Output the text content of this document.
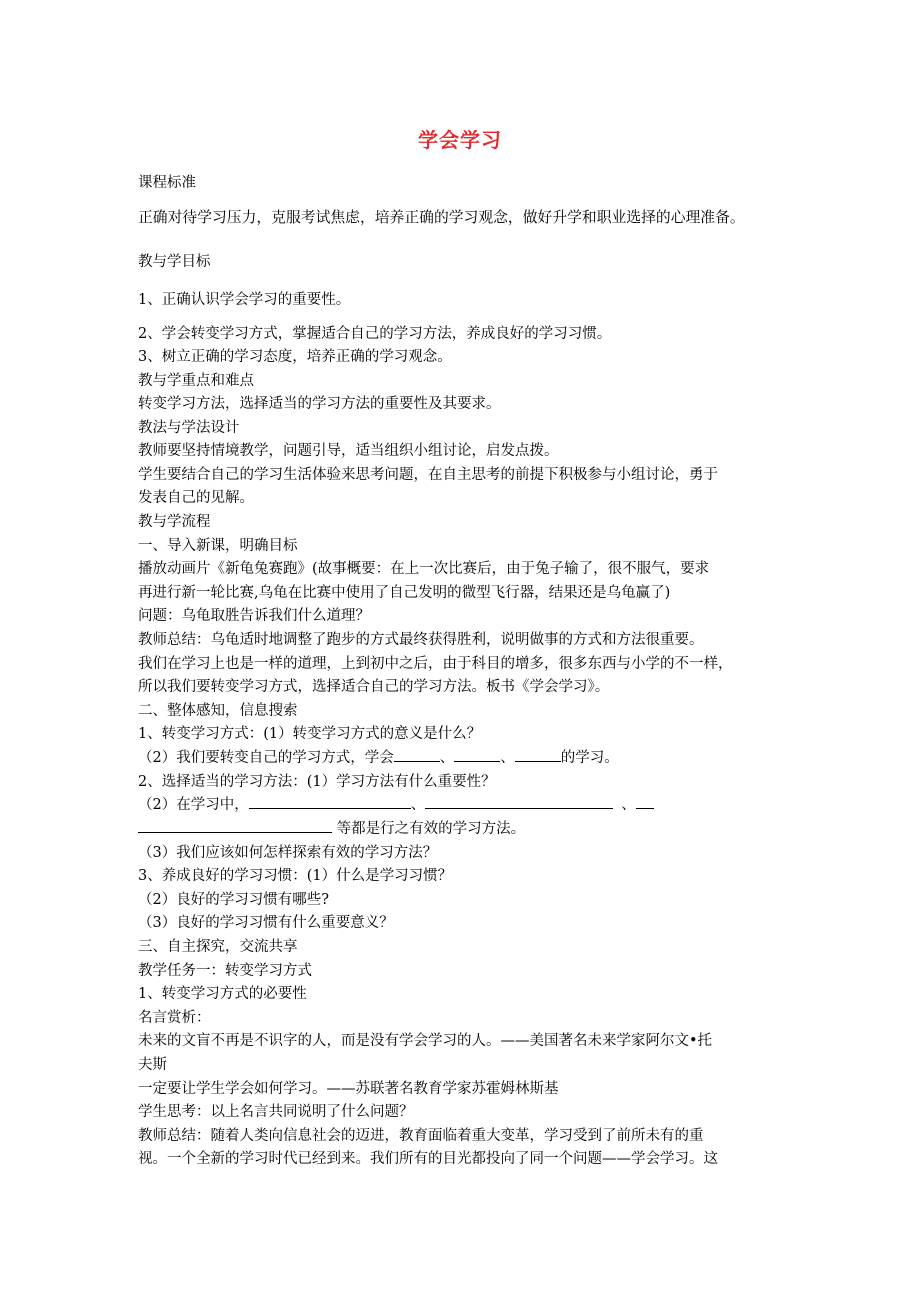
学会学习
课程标准
正确对待学习压力，克服考试焦虑，培养正确的学习观念，做好升学和职业选择的心理准备。
教与学目标
1、正确认识学会学习的重要性。
2、学会转变学习方式，掌握适合自己的学习方法，养成良好的学习习惯。
3、树立正确的学习态度，培养正确的学习观念。
教与学重点和难点
转变学习方法，选择适当的学习方法的重要性及其要求。
教法与学法设计
教师要坚持情境教学，问题引导，适当组织小组讨论，启发点拨。
学生要结合自己的学习生活体验来思考问题，在自主思考的前提下积极参与小组讨论，勇于
发表自己的见解。
教与学流程
一、导入新课，明确目标
播放动画片《新龟兔赛跑》(故事概要：在上一次比赛后，由于兔子输了，很不服气，要求
再进行新一轮比赛,乌龟在比赛中使用了自己发明的微型飞行器，结果还是乌龟赢了)
问题：乌龟取胜告诉我们什么道理？
教师总结：乌龟适时地调整了跑步的方式最终获得胜利，说明做事的方式和方法很重要。
我们在学习上也是一样的道理，上到初中之后，由于科目的增多，很多东西与小学的不一样，
所以我们要转变学习方式，选择适合自己的学习方法。板书《学会学习》。
二、整体感知，信息搜索
1、转变学习方式：(1）转变学习方式的意义是什么？
（2）我们要转变自己的学习方式，学会	、	、	的学习。
2、选择适当的学习方法：(1）学习方法有什么重要性？
（2）在学习中，	、	、
等都是行之有效的学习方法。
（3）我们应该如何怎样探索有效的学习方法？
3、养成良好的学习习惯：(1）什么是学习习惯？
（2）良好的学习习惯有哪些?
（3）良好的学习习惯有什么重要意义？
三、自主探究，交流共享
教学任务一：转变学习方式
1、转变学习方式的必要性
名言赏析：
未来的文盲不再是不识字的人，而是没有学会学习的人。——美国著名未来学家阿尔文•托
夫斯
一定要让学生学会如何学习。——苏联著名教育学家苏霍姆林斯基
学生思考：以上名言共同说明了什么问题？
教师总结：随着人类向信息社会的迈进，教育面临着重大变革，学习受到了前所未有的重
视。一个全新的学习时代已经到来。我们所有的目光都投向了同一个问题——学会学习。这
